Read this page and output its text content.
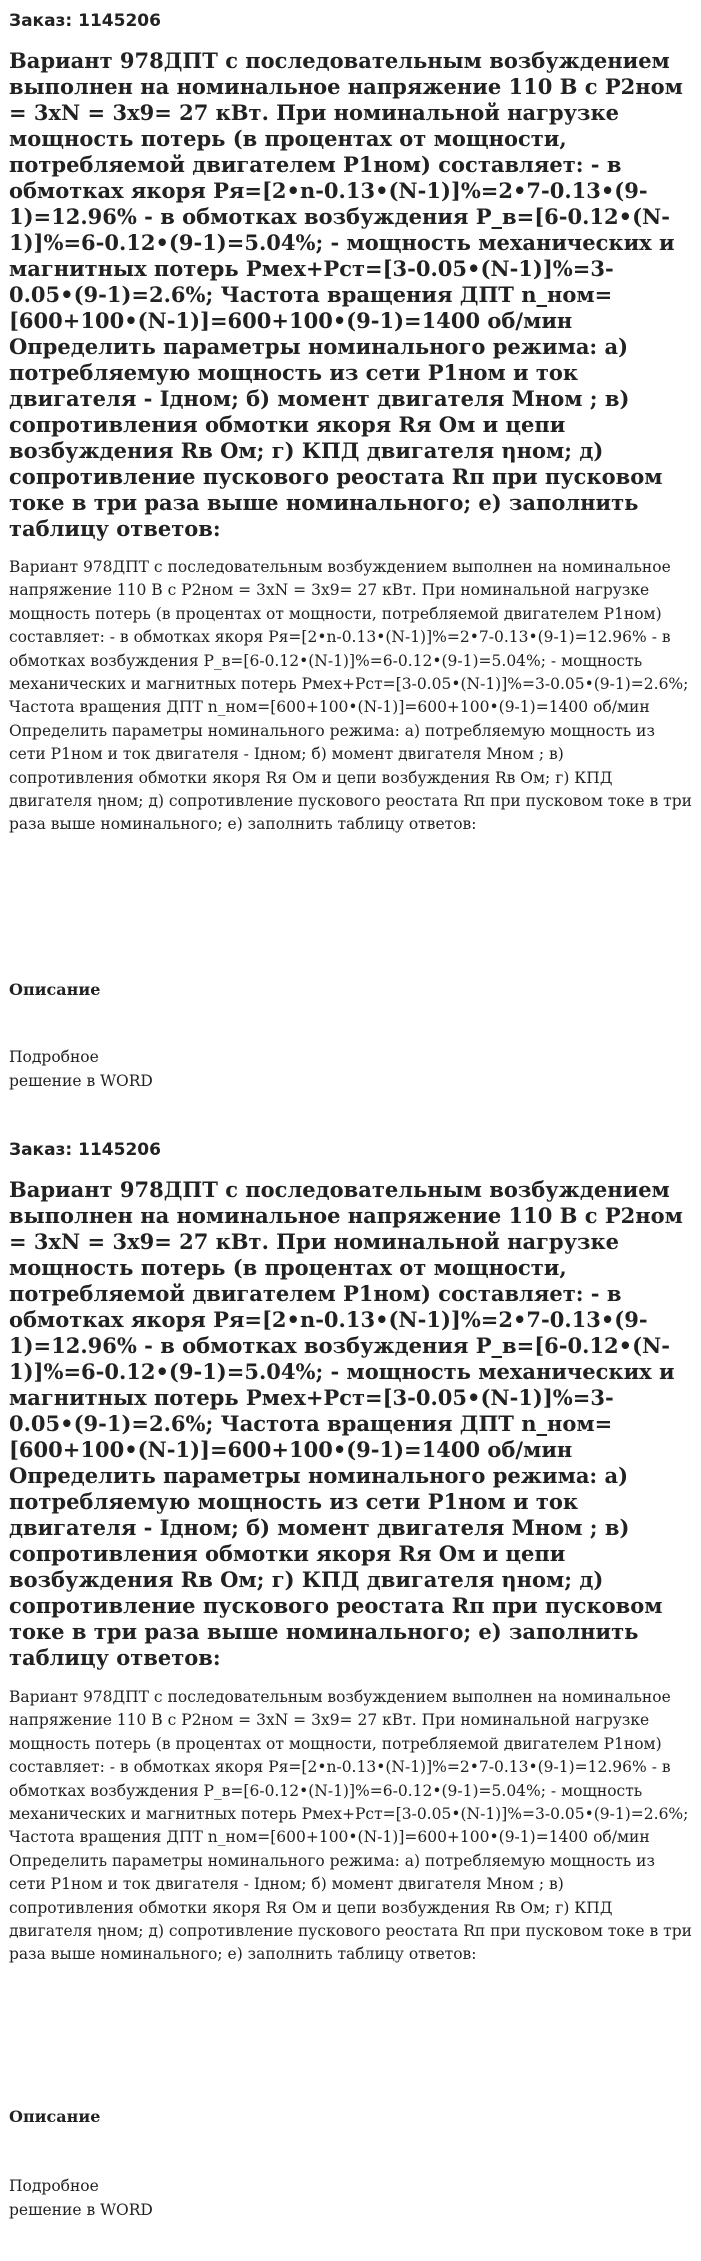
Заказ: 1145206

Вариант 978ДПТ с последовательным возбуждением выполнен на номинальное напряжение 110 В с P2ном = 3xN = 3x9= 27 кВт. При номинальной нагрузке мощность потерь (в процентах от мощности, потребляемой двигателем P1ном) составляет: - в обмотках якоря Pя=[2•n-0.13•(N-1)]%=2•7-0.13•(9-1)=12.96% - в обмотках возбуждения P_в=[6-0.12•(N-1)]%=6-0.12•(9-1)=5.04%; - мощность механических и магнитных потерь Pмех+Pст=[3-0.05•(N-1)]%=3-0.05•(9-1)=2.6%; Частота вращения ДПТ n_ном=[600+100•(N-1)]=600+100•(9-1)=1400 об/мин Определить параметры номинального режима: а) потребляемую мощность из сети P1ном и ток двигателя - Iдном; б) момент двигателя Мном ; в) сопротивления обмотки якоря Rя Ом и цепи возбуждения Rв Ом; г) КПД двигателя ηном; д) сопротивление пускового реостата Rп при пусковом токе в три раза выше номинального; е) заполнить таблицу ответов:

Вариант 978ДПТ с последовательным возбуждением выполнен на номинальное напряжение 110 В с P2ном = 3xN = 3x9= 27 кВт. При номинальной нагрузке мощность потерь (в процентах от мощности, потребляемой двигателем P1ном) составляет: - в обмотках якоря Pя=[2•n-0.13•(N-1)]%=2•7-0.13•(9-1)=12.96% - в обмотках возбуждения P_в=[6-0.12•(N-1)]%=6-0.12•(9-1)=5.04%; - мощность механических и магнитных потерь Pмех+Pст=[3-0.05•(N-1)]%=3-0.05•(9-1)=2.6%; Частота вращения ДПТ n_ном=[600+100•(N-1)]=600+100•(9-1)=1400 об/мин Определить параметры номинального режима: а) потребляемую мощность из сети P1ном и ток двигателя - Iдном; б) момент двигателя Мном ; в) сопротивления обмотки якоря Rя Ом и цепи возбуждения Rв Ом; г) КПД двигателя ηном; д) сопротивление пускового реостата Rп при пусковом токе в три раза выше номинального; е) заполнить таблицу ответов:

Описание

Подробное
решение в WORD

Заказ: 1145206

Вариант 978ДПТ с последовательным возбуждением выполнен на номинальное напряжение 110 В с P2ном = 3xN = 3x9= 27 кВт. При номинальной нагрузке мощность потерь (в процентах от мощности, потребляемой двигателем P1ном) составляет: - в обмотках якоря Pя=[2•n-0.13•(N-1)]%=2•7-0.13•(9-1)=12.96% - в обмотках возбуждения P_в=[6-0.12•(N-1)]%=6-0.12•(9-1)=5.04%; - мощность механических и магнитных потерь Pмех+Pст=[3-0.05•(N-1)]%=3-0.05•(9-1)=2.6%; Частота вращения ДПТ n_ном=[600+100•(N-1)]=600+100•(9-1)=1400 об/мин Определить параметры номинального режима: а) потребляемую мощность из сети P1ном и ток двигателя - Iдном; б) момент двигателя Мном ; в) сопротивления обмотки якоря Rя Ом и цепи возбуждения Rв Ом; г) КПД двигателя ηном; д) сопротивление пускового реостата Rп при пусковом токе в три раза выше номинального; е) заполнить таблицу ответов:

Вариант 978ДПТ с последовательным возбуждением выполнен на номинальное напряжение 110 В с P2ном = 3xN = 3x9= 27 кВт. При номинальной нагрузке мощность потерь (в процентах от мощности, потребляемой двигателем P1ном) составляет: - в обмотках якоря Pя=[2•n-0.13•(N-1)]%=2•7-0.13•(9-1)=12.96% - в обмотках возбуждения P_в=[6-0.12•(N-1)]%=6-0.12•(9-1)=5.04%; - мощность механических и магнитных потерь Pмех+Pст=[3-0.05•(N-1)]%=3-0.05•(9-1)=2.6%; Частота вращения ДПТ n_ном=[600+100•(N-1)]=600+100•(9-1)=1400 об/мин Определить параметры номинального режима: а) потребляемую мощность из сети P1ном и ток двигателя - Iдном; б) момент двигателя Мном ; в) сопротивления обмотки якоря Rя Ом и цепи возбуждения Rв Ом; г) КПД двигателя ηном; д) сопротивление пускового реостата Rп при пусковом токе в три раза выше номинального; е) заполнить таблицу ответов:

Описание

Подробное
решение в WORD
